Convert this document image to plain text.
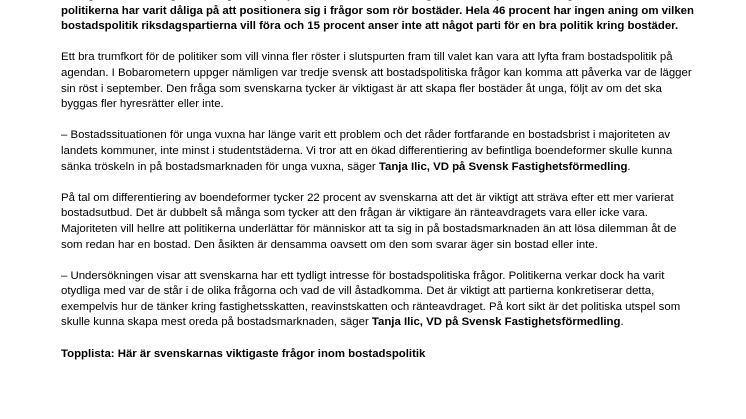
politikerna har varit dåliga på att positionera sig i frågor som rör bostäder. Hela 46 procent har ingen aning om vilken bostadspolitik riksdagspartierna vill föra och 15 procent anser inte att något parti för en bra politik kring bostäder.

Ett bra trumfkort för de politiker som vill vinna fler röster i slutspurten fram till valet kan vara att lyfta fram bostadspolitik på agendan. I Bobarometern uppger nämligen var tredje svensk att bostadspolitiska frågor kan komma att påverka var de lägger sin röst i september. Den fråga som svenskarna tycker är viktigast är att skapa fler bostäder åt unga, följt av om det ska byggas fler hyresrätter eller inte.

– Bostadssituationen för unga vuxna har länge varit ett problem och det råder fortfarande en bostadsbrist i majoriteten av landets kommuner, inte minst i studentstäderna. Vi tror att en ökad differentiering av befintliga boendeformer skulle kunna sänka tröskeln in på bostadsmarknaden för unga vuxna, säger Tanja Ilic, VD på Svensk Fastighetsförmedling.

På tal om differentiering av boendeformer tycker 22 procent av svenskarna att det är viktigt att sträva efter ett mer varierat bostadsutbud. Det är dubbelt så många som tycker att den frågan är viktigare än ränteavdragets vara eller icke vara. Majoriteten vill hellre att politikerna underlättar för människor att ta sig in på bostadsmarknaden än att lösa dilemman åt de som redan har en bostad. Den åsikten är densamma oavsett om den som svarar äger sin bostad eller inte.

– Undersökningen visar att svenskarna har ett tydligt intresse för bostadspolitiska frågor. Politikerna verkar dock ha varit otydliga med var de står i de olika frågorna och vad de vill åstadkomma. Det är viktigt att partierna konkretiserar detta, exempelvis hur de tänker kring fastighetsskatten, reavinstskatten och ränteavdraget. På kort sikt är det politiska utspel som skulle kunna skapa mest oreda på bostadsmarknaden, säger Tanja Ilic, VD på Svensk Fastighetsförmedling.

Topplista: Här är svenskarnas viktigaste frågor inom bostadspolitik
